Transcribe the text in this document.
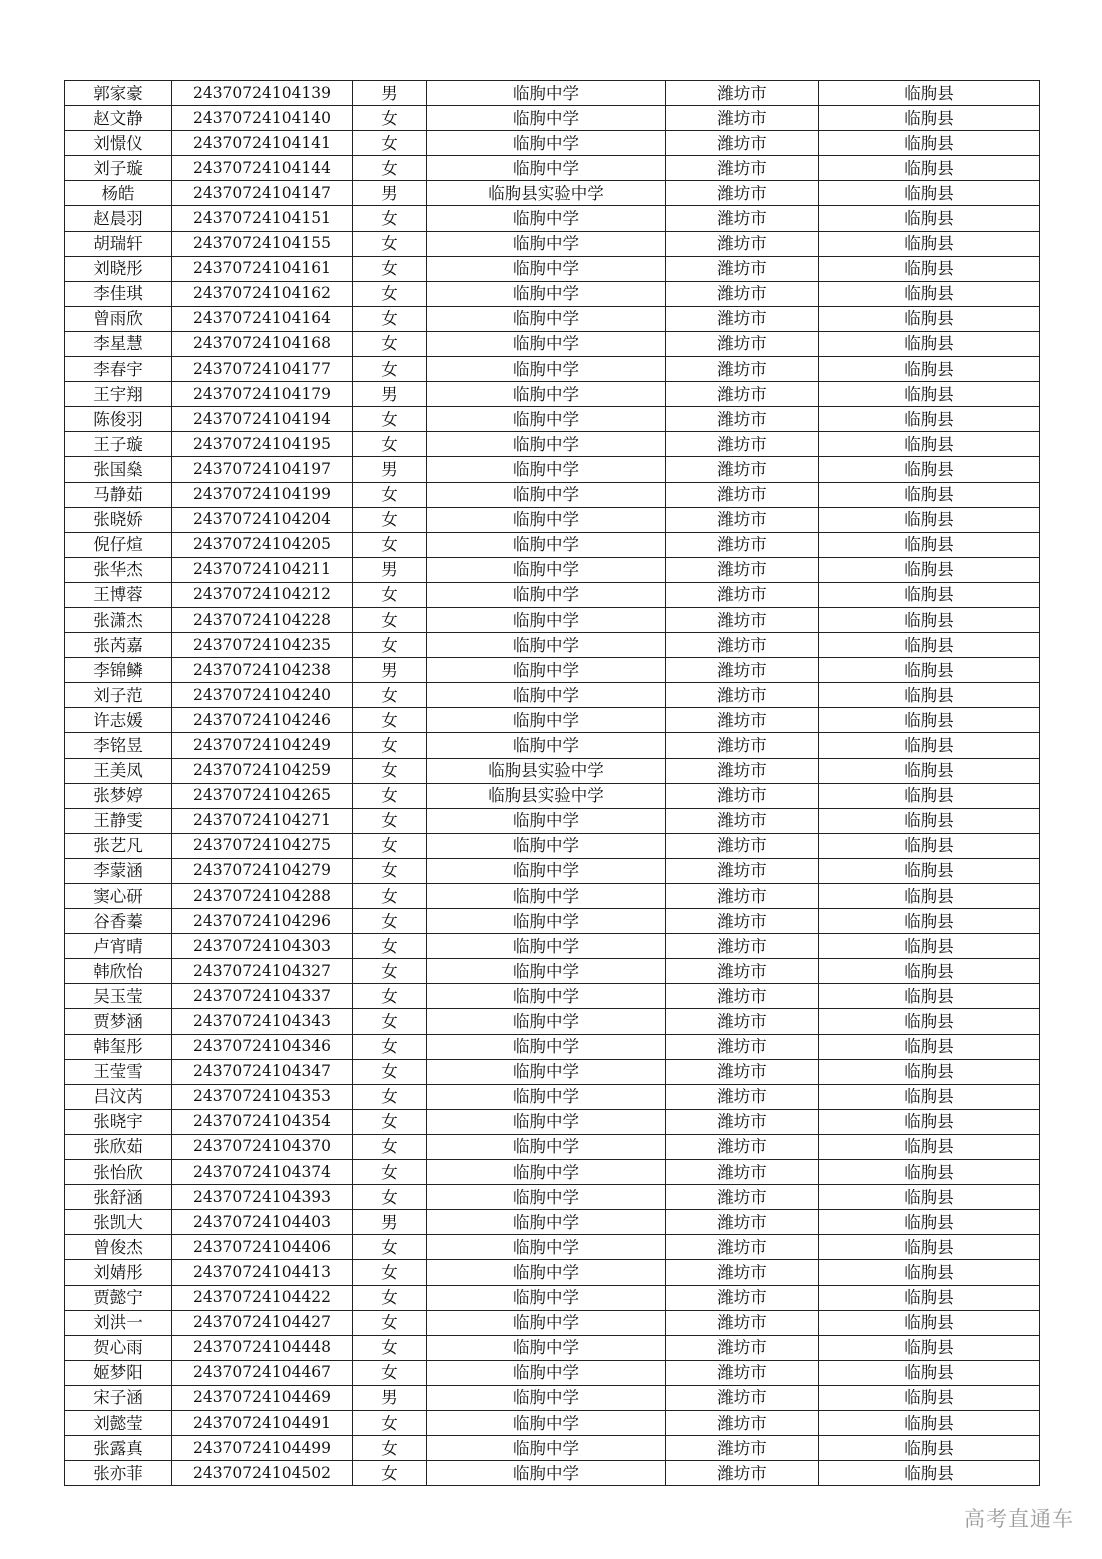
郭家豪	24370724104139	男	临朐中学	潍坊市	临朐县
赵文静	24370724104140	女	临朐中学	潍坊市	临朐县
刘憬仪	24370724104141	女	临朐中学	潍坊市	临朐县
刘子璇	24370724104144	女	临朐中学	潍坊市	临朐县
杨皓	24370724104147	男	临朐县实验中学	潍坊市	临朐县
赵晨羽	24370724104151	女	临朐中学	潍坊市	临朐县
胡瑞轩	24370724104155	女	临朐中学	潍坊市	临朐县
刘晓彤	24370724104161	女	临朐中学	潍坊市	临朐县
李佳琪	24370724104162	女	临朐中学	潍坊市	临朐县
曾雨欣	24370724104164	女	临朐中学	潍坊市	临朐县
李星慧	24370724104168	女	临朐中学	潍坊市	临朐县
李春宇	24370724104177	女	临朐中学	潍坊市	临朐县
王宇翔	24370724104179	男	临朐中学	潍坊市	临朐县
陈俊羽	24370724104194	女	临朐中学	潍坊市	临朐县
王子璇	24370724104195	女	临朐中学	潍坊市	临朐县
张国燊	24370724104197	男	临朐中学	潍坊市	临朐县
马静茹	24370724104199	女	临朐中学	潍坊市	临朐县
张晓娇	24370724104204	女	临朐中学	潍坊市	临朐县
倪仔煊	24370724104205	女	临朐中学	潍坊市	临朐县
张华杰	24370724104211	男	临朐中学	潍坊市	临朐县
王博蓉	24370724104212	女	临朐中学	潍坊市	临朐县
张潇杰	24370724104228	女	临朐中学	潍坊市	临朐县
张芮嘉	24370724104235	女	临朐中学	潍坊市	临朐县
李锦鳞	24370724104238	男	临朐中学	潍坊市	临朐县
刘子范	24370724104240	女	临朐中学	潍坊市	临朐县
许志媛	24370724104246	女	临朐中学	潍坊市	临朐县
李铭昱	24370724104249	女	临朐中学	潍坊市	临朐县
王美凤	24370724104259	女	临朐县实验中学	潍坊市	临朐县
张梦婷	24370724104265	女	临朐县实验中学	潍坊市	临朐县
王静雯	24370724104271	女	临朐中学	潍坊市	临朐县
张艺凡	24370724104275	女	临朐中学	潍坊市	临朐县
李蒙涵	24370724104279	女	临朐中学	潍坊市	临朐县
窦心研	24370724104288	女	临朐中学	潍坊市	临朐县
谷香蓁	24370724104296	女	临朐中学	潍坊市	临朐县
卢宵晴	24370724104303	女	临朐中学	潍坊市	临朐县
韩欣怡	24370724104327	女	临朐中学	潍坊市	临朐县
吴玉莹	24370724104337	女	临朐中学	潍坊市	临朐县
贾梦涵	24370724104343	女	临朐中学	潍坊市	临朐县
韩玺彤	24370724104346	女	临朐中学	潍坊市	临朐县
王莹雪	24370724104347	女	临朐中学	潍坊市	临朐县
吕汶芮	24370724104353	女	临朐中学	潍坊市	临朐县
张晓宇	24370724104354	女	临朐中学	潍坊市	临朐县
张欣茹	24370724104370	女	临朐中学	潍坊市	临朐县
张怡欣	24370724104374	女	临朐中学	潍坊市	临朐县
张舒涵	24370724104393	女	临朐中学	潍坊市	临朐县
张凯大	24370724104403	男	临朐中学	潍坊市	临朐县
曾俊杰	24370724104406	女	临朐中学	潍坊市	临朐县
刘婧彤	24370724104413	女	临朐中学	潍坊市	临朐县
贾懿宁	24370724104422	女	临朐中学	潍坊市	临朐县
刘洪一	24370724104427	女	临朐中学	潍坊市	临朐县
贺心雨	24370724104448	女	临朐中学	潍坊市	临朐县
姬梦阳	24370724104467	女	临朐中学	潍坊市	临朐县
宋子涵	24370724104469	男	临朐中学	潍坊市	临朐县
刘懿莹	24370724104491	女	临朐中学	潍坊市	临朐县
张露真	24370724104499	女	临朐中学	潍坊市	临朐县
张亦菲	24370724104502	女	临朐中学	潍坊市	临朐县
高考直通车
